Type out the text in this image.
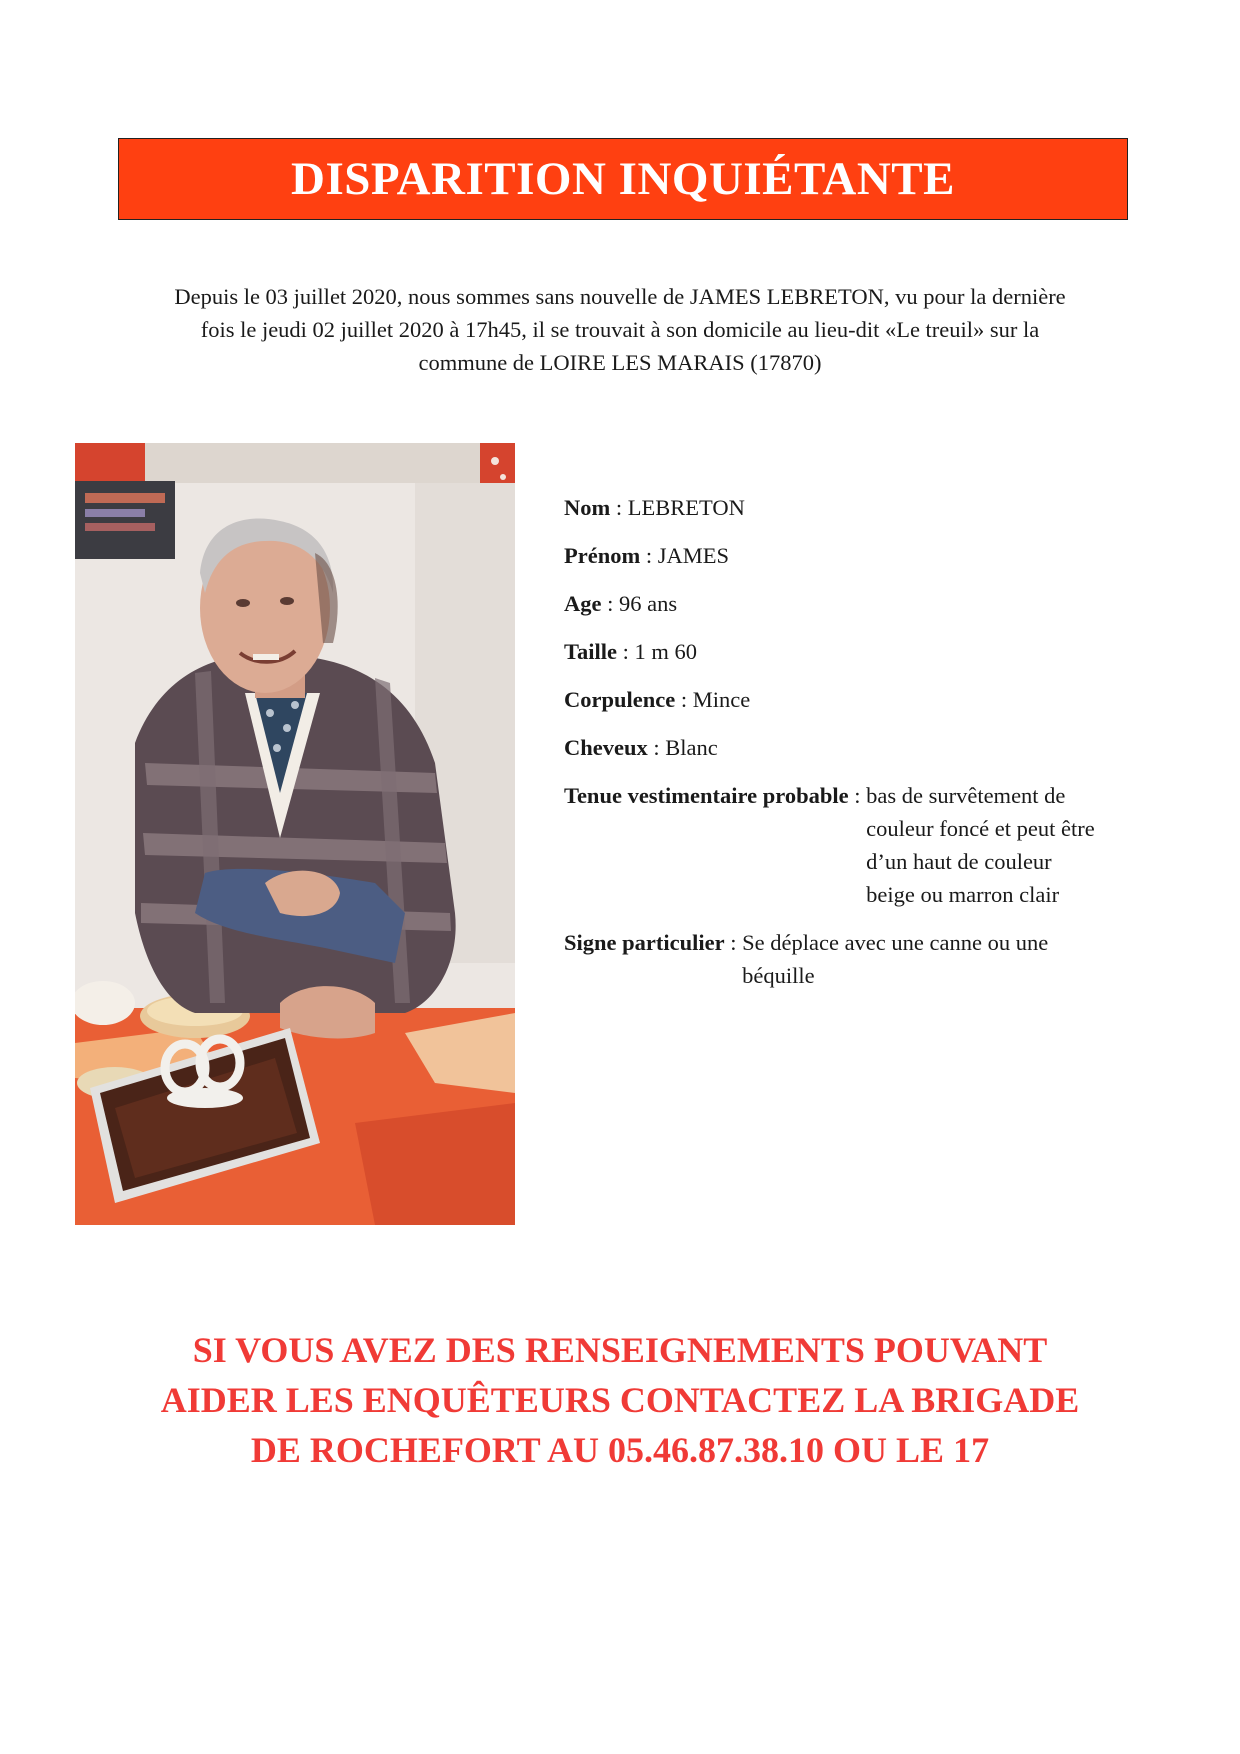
DISPARITION INQUIÉTANTE

Depuis le 03 juillet 2020, nous sommes sans nouvelle de JAMES LEBRETON, vu pour la dernière

fois le jeudi 02 juillet 2020 à 17h45, il se trouvait à son domicile au lieu-dit «Le treuil» sur la

commune de LOIRE LES MARAIS (17870)

Nom : LEBRETON
Prénom : JAMES
Age : 96 ans
Taille : 1 m 60
Corpulence : Mince
Cheveux : Blanc
Tenue vestimentaire probable : bas de survêtement de couleur foncé et peut être d’un haut de couleur beige ou marron clair
Signe particulier : Se déplace avec une canne ou une béquille

SI VOUS AVEZ DES RENSEIGNEMENTS POUVANT

AIDER LES ENQUÊTEURS CONTACTEZ LA BRIGADE

DE ROCHEFORT AU 05.46.87.38.10 OU LE 17
